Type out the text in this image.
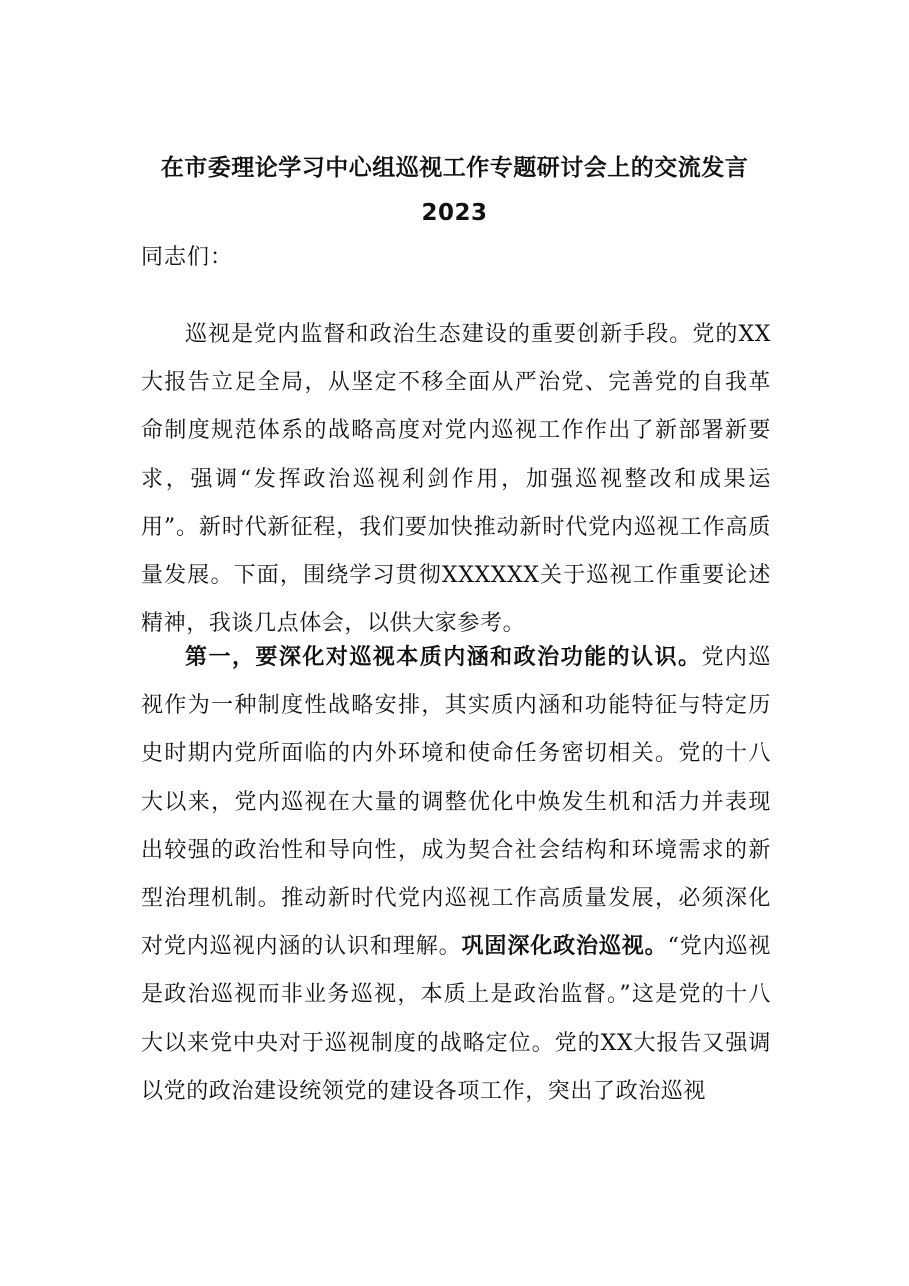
在市委理论学习中心组巡视工作专题研讨会上的交流发言
2023
同志们：
巡视是党内监督和政治生态建设的重要创新手段。党的XX大报告立足全局，从坚定不移全面从严治党、完善党的自我革命制度规范体系的战略高度对党内巡视工作作出了新部署新要求，强调“发挥政治巡视利剑作用，加强巡视整改和成果运用”。新时代新征程，我们要加快推动新时代党内巡视工作高质量发展。下面，围绕学习贯彻XXXXXX关于巡视工作重要论述精神，我谈几点体会，以供大家参考。
第一，要深化对巡视本质内涵和政治功能的认识。党内巡视作为一种制度性战略安排，其实质内涵和功能特征与特定历史时期内党所面临的内外环境和使命任务密切相关。党的十八大以来，党内巡视在大量的调整优化中焕发生机和活力并表现出较强的政治性和导向性，成为契合社会结构和环境需求的新型治理机制。推动新时代党内巡视工作高质量发展，必须深化对党内巡视内涵的认识和理解。巩固深化政治巡视。“党内巡视是政治巡视而非业务巡视，本质上是政治监督。”这是党的十八大以来党中央对于巡视制度的战略定位。党的XX大报告又强调以党的政治建设统领党的建设各项工作，突出了政治巡视
